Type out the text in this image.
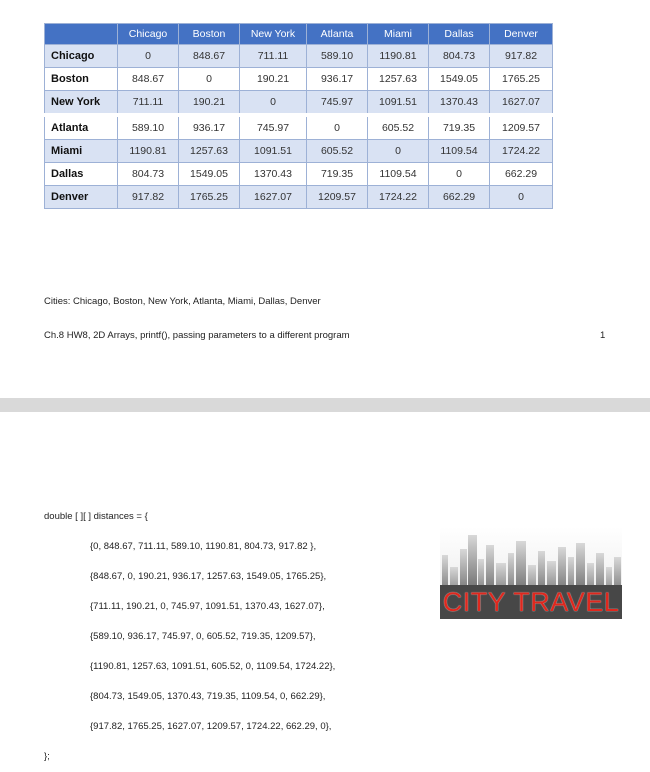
	Chicago	Boston	New York	Atlanta	Miami	Dallas	Denver
Chicago	0	848.67	711.11	589.10	1190.81	804.73	917.82
Boston	848.67	0	190.21	936.17	1257.63	1549.05	1765.25
New York	711.11	190.21	0	745.97	1091.51	1370.43	1627.07
Atlanta	589.10	936.17	745.97	0	605.52	719.35	1209.57
Miami	1190.81	1257.63	1091.51	605.52	0	1109.54	1724.22
Dallas	804.73	1549.05	1370.43	719.35	1109.54	0	662.29
Denver	917.82	1765.25	1627.07	1209.57	1724.22	662.29	0
Cities: Chicago, Boston, New York, Atlanta, Miami, Dallas, Denver
Ch.8 HW8, 2D Arrays, printf(), passing parameters to a different program	1
double [ ][ ] distances = {
{0, 848.67, 711.11, 589.10, 1190.81, 804.73, 917.82 },
{848.67, 0, 190.21, 936.17, 1257.63, 1549.05, 1765.25},
{711.11, 190.21, 0, 745.97, 1091.51, 1370.43, 1627.07},
{589.10, 936.17, 745.97, 0, 605.52, 719.35, 1209.57},
{1190.81, 1257.63, 1091.51, 605.52, 0, 1109.54, 1724.22},
{804.73, 1549.05, 1370.43, 719.35, 1109.54, 0, 662.29},
{917.82, 1765.25, 1627.07, 1209.57, 1724.22, 662.29, 0},
};
CITY TRAVEL
